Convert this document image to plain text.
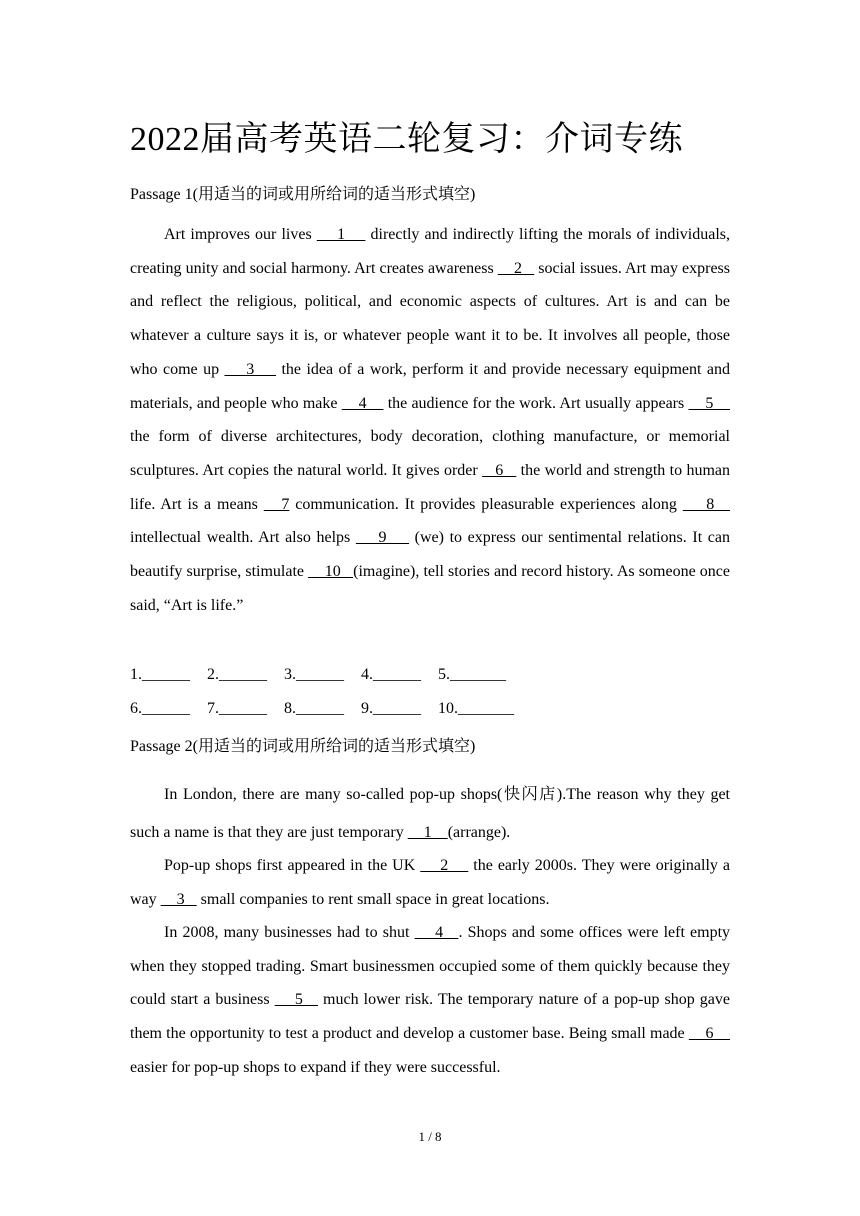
2022届高考英语二轮复习：介词专练
Passage 1(用适当的词或用所给词的适当形式填空)

Art improves our lives     1     directly and indirectly lifting the morals of individuals, creating unity and social harmony. Art creates awareness     2    social issues. Art may express and reflect the religious, political, and economic aspects of cultures. Art is and can be whatever a culture says it is, or whatever people want it to be. It involves all people, those who come up     3     the idea of a work, perform it and provide necessary equipment and materials, and people who make     4     the audience for the work. Art usually appears     5     the form of diverse architectures, body decoration, clothing manufacture, or memorial sculptures. Art copies the natural world. It gives order    6    the world and strength to human life. Art is a means    7 communication. It provides pleasurable experiences along     8    intellectual wealth. Art also helps     9     (we) to express our sentimental relations. It can beautify surprise, stimulate     10   (imagine), tell stories and record history. As someone once said, “Art is life.”

1.______ 2.______ 3.______ 4.______ 5._______
6.______ 7.______ 8.______ 9.______ 10._______
Passage 2(用适当的词或用所给词的适当形式填空)

In London, there are many so-called pop-up shops(快闪店).The reason why they get such a name is that they are just temporary     1    (arrange).

Pop-up shops first appeared in the UK     2     the early 2000s. They were originally a way     3    small companies to rent small space in great locations.

In 2008, many businesses had to shut     4   . Shops and some offices were left empty when they stopped trading. Smart businessmen occupied some of them quickly because they could start a business     5    much lower risk. The temporary nature of a pop-up shop gave them the opportunity to test a product and develop a customer base. Being small made     6     easier for pop-up shops to expand if they were successful.

1 / 8
